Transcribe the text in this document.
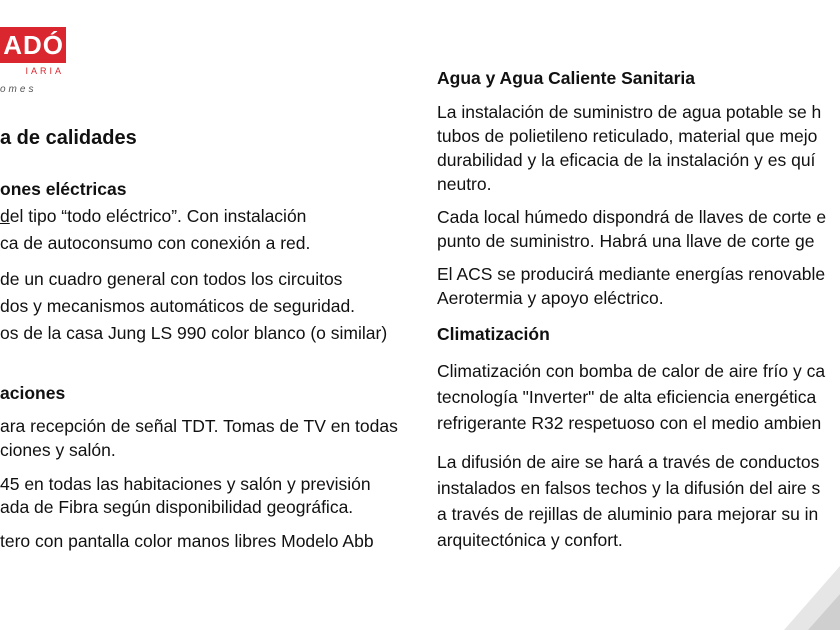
ADÓ
IARIA
omes
a de calidades
ones eléctricas
del tipo “todo eléctrico”. Con instalación
ca de autoconsumo con conexión a red.
de un cuadro general con todos los circuitos
dos y mecanismos automáticos de seguridad.
os de la casa Jung LS 990 color blanco (o similar)
aciones
ara recepción de señal TDT. Tomas de TV en todas
ciones y salón.
45 en todas las habitaciones y salón y previsión
ada de Fibra según disponibilidad geográfica.
tero con pantalla color manos libres Modelo Abb
Agua y Agua Caliente Sanitaria
La instalación de suministro de agua potable se h
tubos de polietileno reticulado, material que mejo
durabilidad y la eficacia de la instalación y es quí
neutro.
Cada local húmedo dispondrá de llaves de corte e
punto de suministro. Habrá una llave de corte ge
El ACS se producirá mediante energías renovable
Aerotermia y apoyo eléctrico.
Climatización
Climatización con bomba de calor de aire frío y ca
tecnología "Inverter" de alta eficiencia energética
refrigerante R32 respetuoso con el medio ambien
La difusión de aire se hará a través de conductos
instalados en falsos techos y la difusión del aire s
a través de rejillas de aluminio para mejorar su in
arquitectónica y confort.
